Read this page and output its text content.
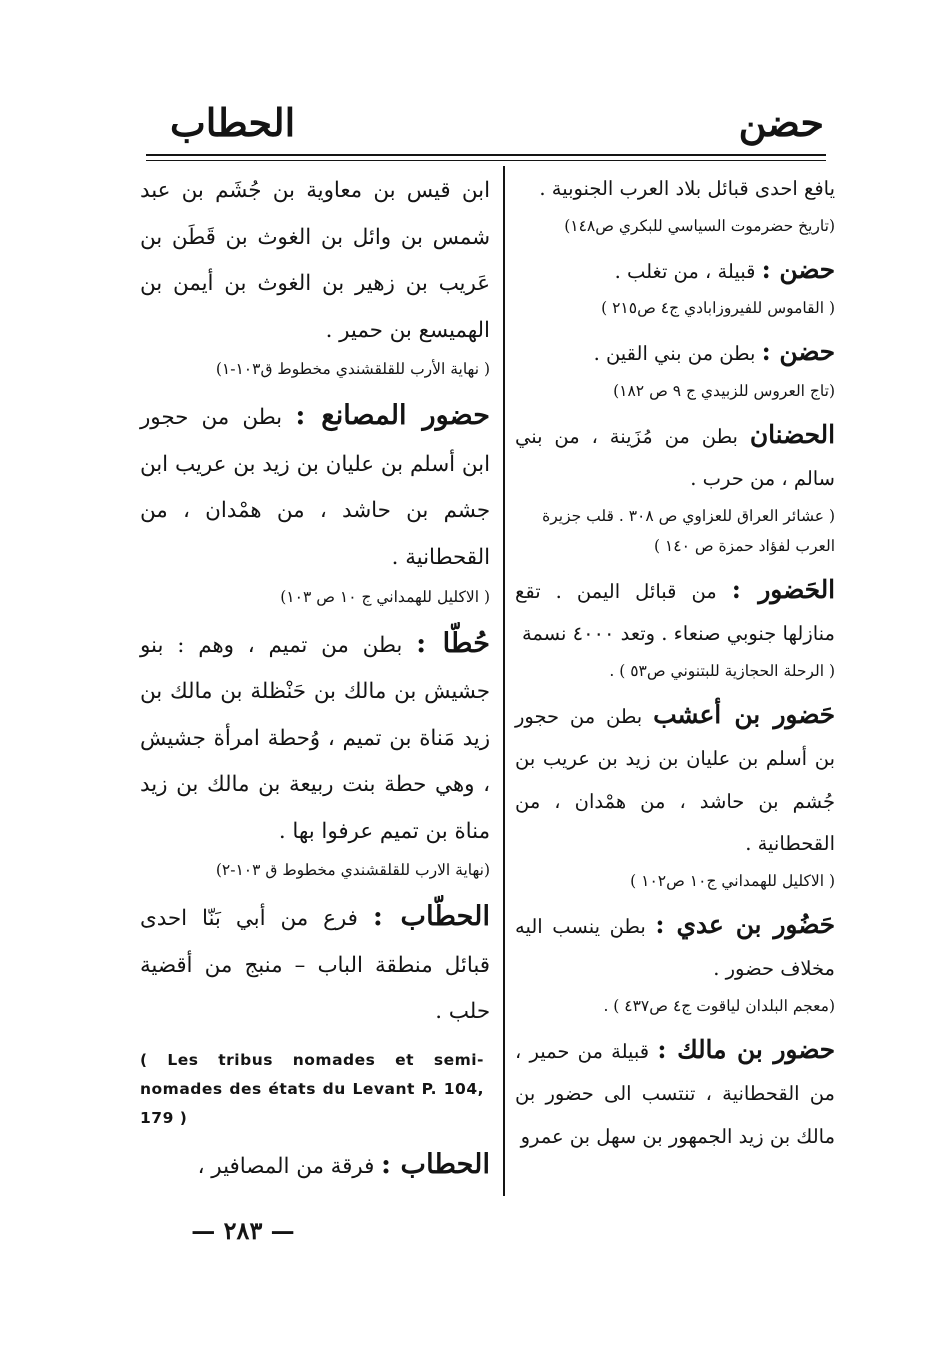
حضن
الحطاب

يافع احدى قبائل بلاد العرب الجنوبية .

(تاريخ حضرموت السياسي للبكري ص١٤٨)

حضن : قبيلة ، من تغلب .

( القاموس للفيروزابادي ج٤ ص٢١٥ )

حضن : بطن من بني القين .

(تاج العروس للزبيدي ج ٩ ص ١٨٢)

الحضنان بطن من مُزَينة ، من بني سالم ، من حرب .

( عشائر العراق للعزاوي ص ٣٠٨ . قلب جزيرة العرب لفؤاد حمزة ص ١٤٠ )

الحَضور : من قبائل اليمن . تقع منازلها جنوبي صنعاء . وتعد ٤٠٠٠ نسمة

( الرحلة الحجازية للبتنوني ص٥٣ ) .

حَضور بن أعشب بطن من حجور بن أسلم بن عليان بن زيد بن عريب بن جُشم بن حاشد ، من همْدان ، من القحطانية .

( الاكليل للهمداني ج١٠ ص١٠٢ )

حَضُور بن عدي : بطن ينسب اليه مخلاف حضور .

(معجم البلدان لياقوت ج٤ ص٤٣٧ ) .

حضور بن مالك : قبيلة من حمير ، من القحطانية ، تنتسب الى حضور بن مالك بن زيد الجمهور بن سهل بن عمرو

ابن قيس بن معاوية بن جُشَم بن عبد شمس بن وائل بن الغوث بن قَطَن بن عَريب بن زهير بن الغوث بن أيمن بن الهميسع بن حمير .

( نهاية الأرب للقلقشندي مخطوط ق١٠٣-١)

حضور المصانع : بطن من حجور ابن أسلم بن عليان بن زيد بن عريب ابن جشم بن حاشد ، من همْدان ، من القحطانية .

( الاكليل للهمداني ج ١٠ ص ١٠٣)

حُطّا : بطن من تميم ، وهم : بنو جشيش بن مالك بن حَنْظلة بن مالك بن زيد مَناة بن تميم ، وُحطة امرأة جشيش ، وهي حطة بنت ربيعة بن مالك بن زيد مناة بن تميم عرفوا بها .

(نهاية الارب للقلقشندي مخطوط ق ١٠٣-٢)

الحطّاب : فرع من أبي بَنّا احدى قبائل منطقة الباب – منبج من أقضية حلب .

( Les tribus nomades et semi-nomades des états du Levant P. 104, 179 )

الحطاب : فرقة من المصافير ،

— ٢٨٣ —
